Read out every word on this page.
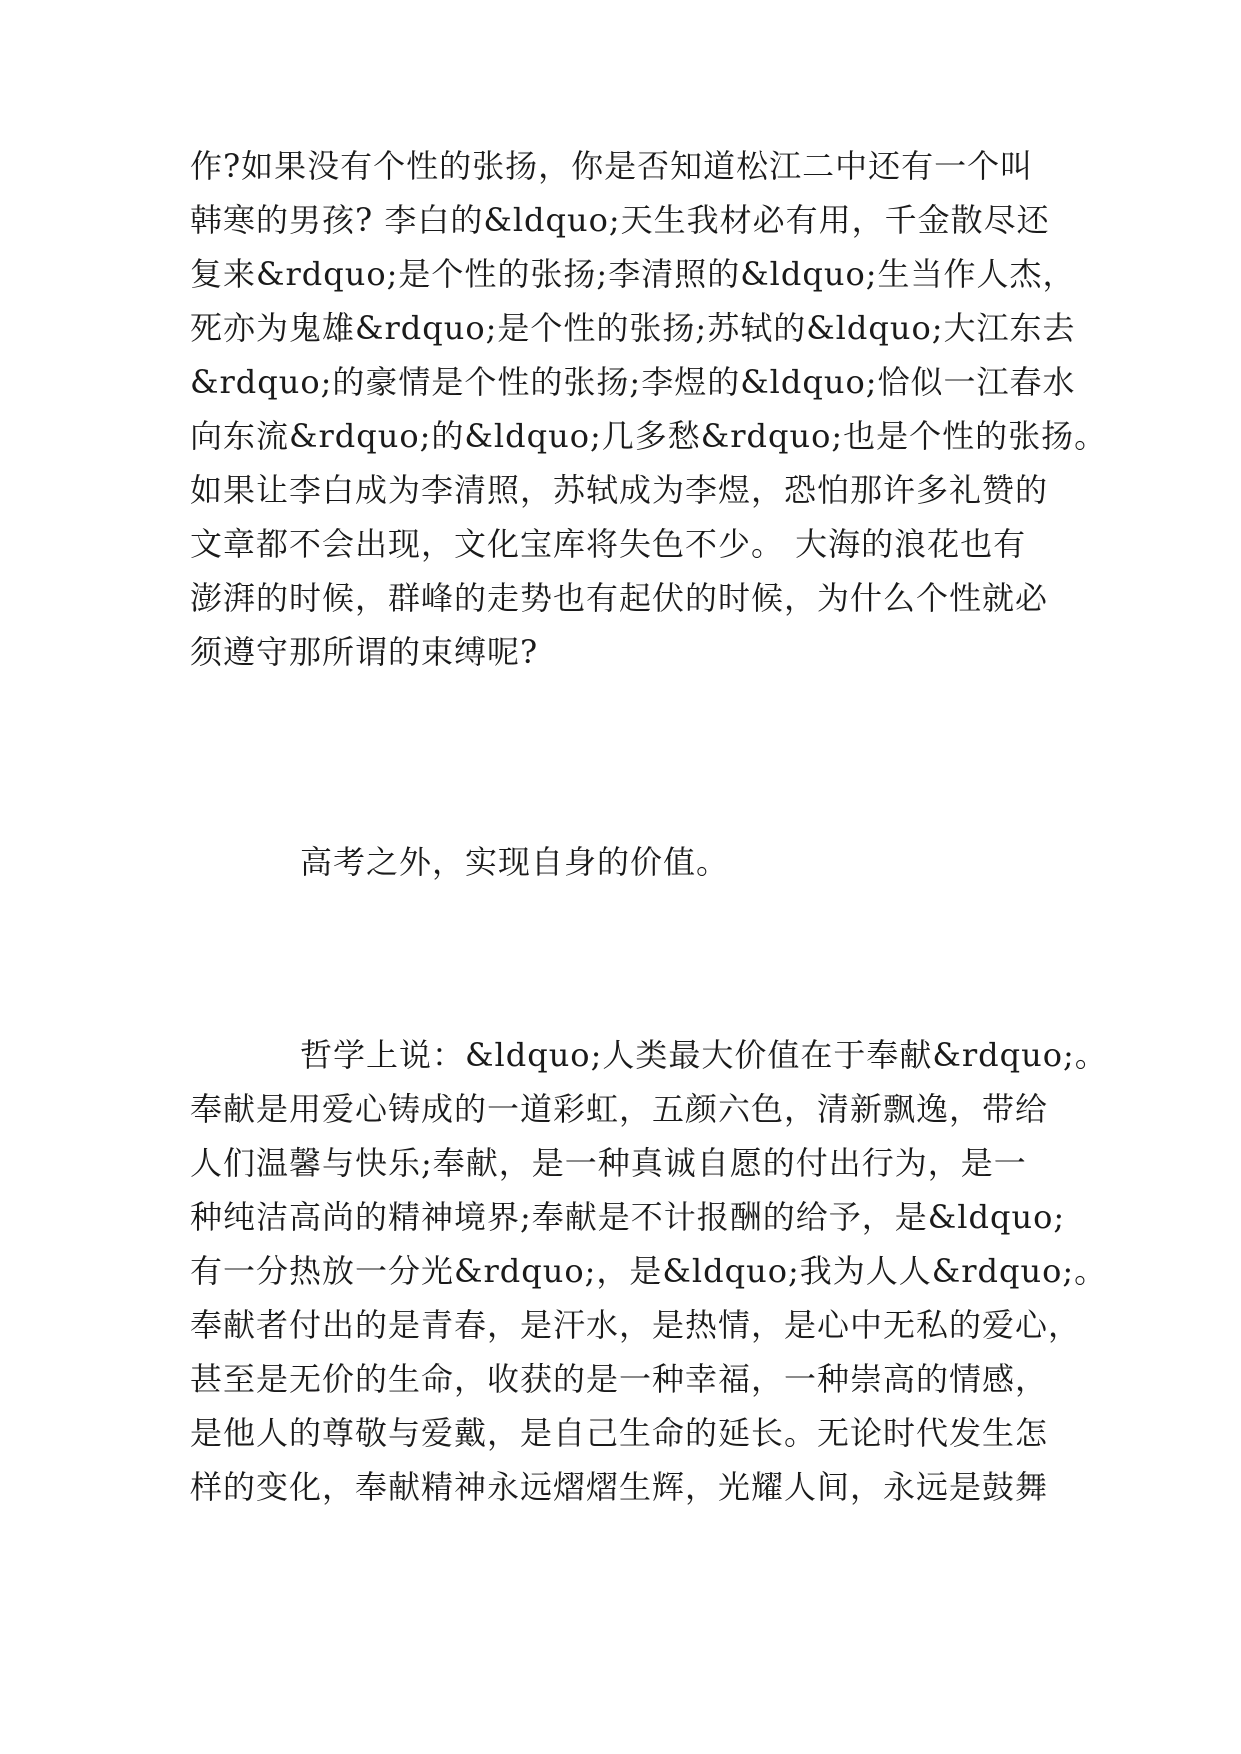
作?如果没有个性的张扬，你是否知道松江二中还有一个叫
韩寒的男孩? 李白的&ldquo;天生我材必有用，千金散尽还
复来&rdquo;是个性的张扬;李清照的&ldquo;生当作人杰，
死亦为鬼雄&rdquo;是个性的张扬;苏轼的&ldquo;大江东去
&rdquo;的豪情是个性的张扬;李煜的&ldquo;恰似一江春水
向东流&rdquo;的&ldquo;几多愁&rdquo;也是个性的张扬。
如果让李白成为李清照，苏轼成为李煜，恐怕那许多礼赞的
文章都不会出现，文化宝库将失色不少。 大海的浪花也有
澎湃的时候，群峰的走势也有起伏的时候，为什么个性就必
须遵守那所谓的束缚呢?
高考之外，实现自身的价值。
哲学上说：&ldquo;人类最大价值在于奉献&rdquo;。
奉献是用爱心铸成的一道彩虹，五颜六色，清新飘逸，带给
人们温馨与快乐;奉献，是一种真诚自愿的付出行为，是一
种纯洁高尚的精神境界;奉献是不计报酬的给予，是&ldquo;
有一分热放一分光&rdquo;，是&ldquo;我为人人&rdquo;。
奉献者付出的是青春，是汗水，是热情，是心中无私的爱心，
甚至是无价的生命，收获的是一种幸福，一种崇高的情感，
是他人的尊敬与爱戴，是自己生命的延长。无论时代发生怎
样的变化，奉献精神永远熠熠生辉，光耀人间，永远是鼓舞
